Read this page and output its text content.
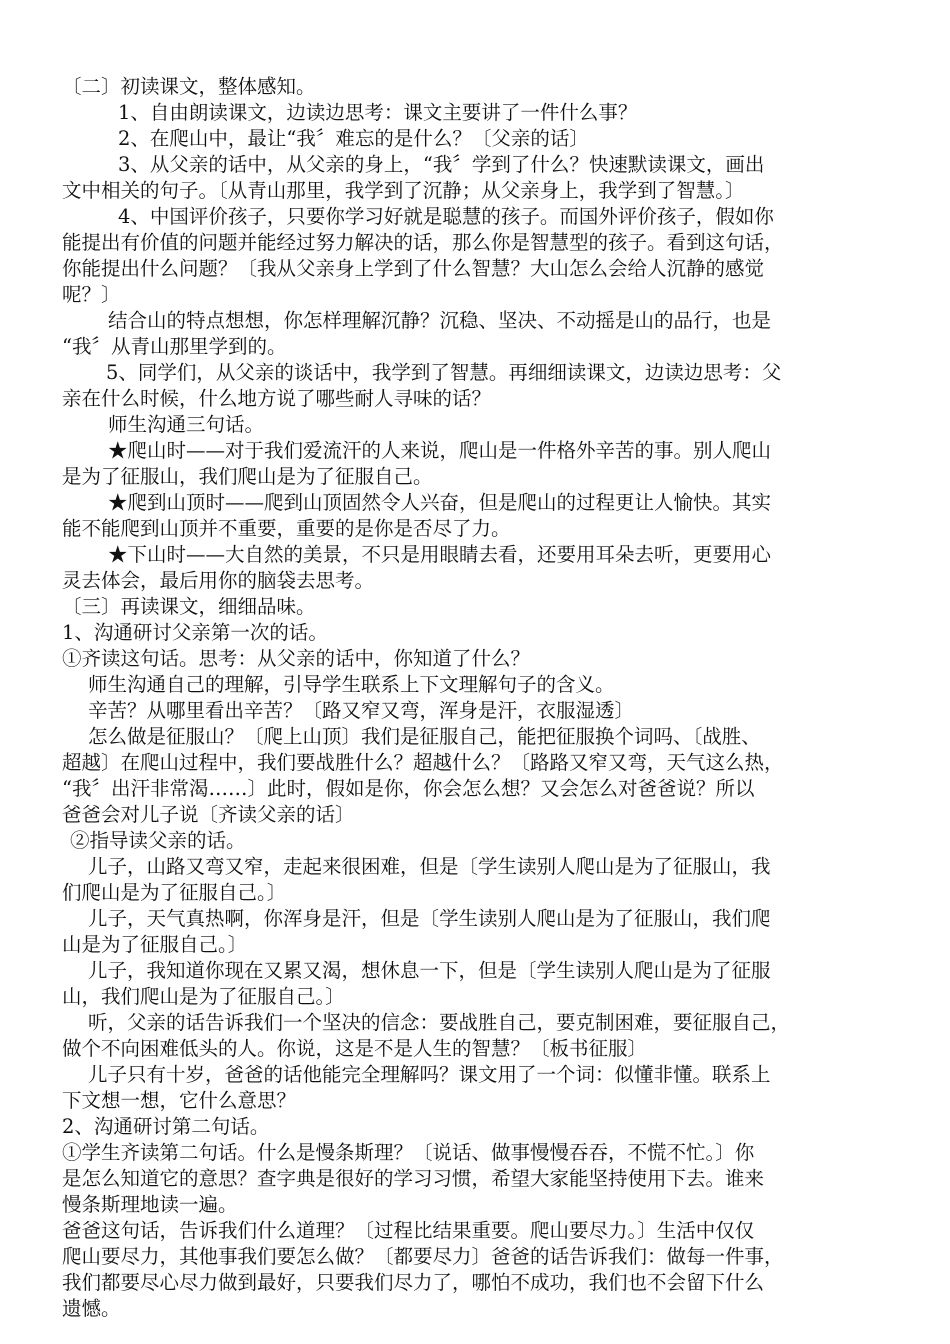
〔二〕初读课文，整体感知。

1、自由朗读课文，边读边思考：课文主要讲了一件什么事？

2、在爬山中，最让“我〞难忘的是什么？〔父亲的话〕

3、从父亲的话中，从父亲的身上，“我〞学到了什么？快速默读课文，画出

文中相关的句子。〔从青山那里，我学到了沉静；从父亲身上，我学到了智慧。〕

4、中国评价孩子，只要你学习好就是聪慧的孩子。而国外评价孩子，假如你

能提出有价值的问题并能经过努力解决的话，那么你是智慧型的孩子。看到这句话，

你能提出什么问题？〔我从父亲身上学到了什么智慧？大山怎么会给人沉静的感觉

呢？〕

结合山的特点想想，你怎样理解沉静？沉稳、坚决、不动摇是山的品行，也是

“我〞从青山那里学到的。

5、同学们，从父亲的谈话中，我学到了智慧。再细细读课文，边读边思考：父

亲在什么时候，什么地方说了哪些耐人寻味的话？

师生沟通三句话。

★爬山时——对于我们爱流汗的人来说，爬山是一件格外辛苦的事。别人爬山

是为了征服山，我们爬山是为了征服自己。

★爬到山顶时——爬到山顶固然令人兴奋，但是爬山的过程更让人愉快。其实

能不能爬到山顶并不重要，重要的是你是否尽了力。

★下山时——大自然的美景，不只是用眼睛去看，还要用耳朵去听，更要用心

灵去体会，最后用你的脑袋去思考。

〔三〕再读课文，细细品味。

1、沟通研讨父亲第一次的话。

①齐读这句话。思考：从父亲的话中，你知道了什么？

师生沟通自己的理解，引导学生联系上下文理解句子的含义。

辛苦？从哪里看出辛苦？〔路又窄又弯，浑身是汗，衣服湿透〕

怎么做是征服山？〔爬上山顶〕我们是征服自己，能把征服换个词吗、〔战胜、

超越〕在爬山过程中，我们要战胜什么？超越什么？〔路路又窄又弯，天气这么热，

“我〞出汗非常渴……〕此时，假如是你，你会怎么想？又会怎么对爸爸说？所以

爸爸会对儿子说〔齐读父亲的话〕

②指导读父亲的话。

儿子，山路又弯又窄，走起来很困难，但是〔学生读别人爬山是为了征服山，我

们爬山是为了征服自己。〕

儿子，天气真热啊，你浑身是汗，但是〔学生读别人爬山是为了征服山，我们爬

山是为了征服自己。〕

儿子，我知道你现在又累又渴，想休息一下，但是〔学生读别人爬山是为了征服

山，我们爬山是为了征服自己。〕

听，父亲的话告诉我们一个坚决的信念：要战胜自己，要克制困难，要征服自己，

做个不向困难低头的人。你说，这是不是人生的智慧？〔板书征服〕

儿子只有十岁，爸爸的话他能完全理解吗？课文用了一个词：似懂非懂。联系上

下文想一想，它什么意思？

2、沟通研讨第二句话。

①学生齐读第二句话。什么是慢条斯理？〔说话、做事慢慢吞吞，不慌不忙。〕你

是怎么知道它的意思？查字典是很好的学习习惯，希望大家能坚持使用下去。谁来

慢条斯理地读一遍。

爸爸这句话，告诉我们什么道理？〔过程比结果重要。爬山要尽力。〕生活中仅仅

爬山要尽力，其他事我们要怎么做？〔都要尽力〕爸爸的话告诉我们：做每一件事，

我们都要尽心尽力做到最好，只要我们尽力了，哪怕不成功，我们也不会留下什么

遗憾。
